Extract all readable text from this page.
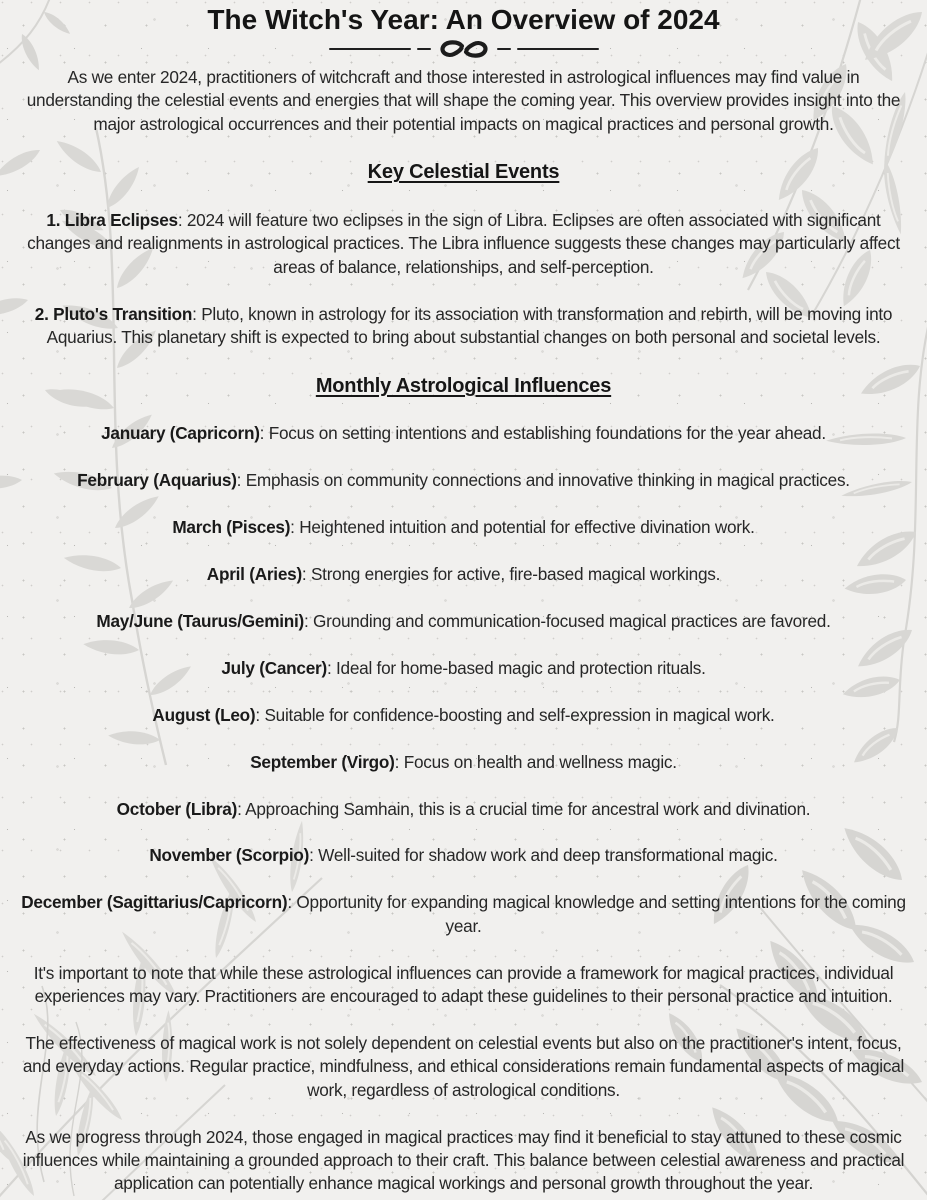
The Witch's Year: An Overview of 2024

As we enter 2024, practitioners of witchcraft and those interested in astrological influences may find value in understanding the celestial events and energies that will shape the coming year. This overview provides insight into the major astrological occurrences and their potential impacts on magical practices and personal growth.

Key Celestial Events

1. Libra Eclipses: 2024 will feature two eclipses in the sign of Libra. Eclipses are often associated with significant changes and realignments in astrological practices. The Libra influence suggests these changes may particularly affect areas of balance, relationships, and self-perception.

2. Pluto's Transition: Pluto, known in astrology for its association with transformation and rebirth, will be moving into Aquarius. This planetary shift is expected to bring about substantial changes on both personal and societal levels.

Monthly Astrological Influences

January (Capricorn): Focus on setting intentions and establishing foundations for the year ahead.

February (Aquarius): Emphasis on community connections and innovative thinking in magical practices.

March (Pisces): Heightened intuition and potential for effective divination work.

April (Aries): Strong energies for active, fire-based magical workings.

May/June (Taurus/Gemini): Grounding and communication-focused magical practices are favored.

July (Cancer): Ideal for home-based magic and protection rituals.

August (Leo): Suitable for confidence-boosting and self-expression in magical work.

September (Virgo): Focus on health and wellness magic.

October (Libra): Approaching Samhain, this is a crucial time for ancestral work and divination.

November (Scorpio): Well-suited for shadow work and deep transformational magic.

December (Sagittarius/Capricorn): Opportunity for expanding magical knowledge and setting intentions for the coming year.

It's important to note that while these astrological influences can provide a framework for magical practices, individual experiences may vary. Practitioners are encouraged to adapt these guidelines to their personal practice and intuition.

The effectiveness of magical work is not solely dependent on celestial events but also on the practitioner's intent, focus, and everyday actions. Regular practice, mindfulness, and ethical considerations remain fundamental aspects of magical work, regardless of astrological conditions.

As we progress through 2024, those engaged in magical practices may find it beneficial to stay attuned to these cosmic influences while maintaining a grounded approach to their craft. This balance between celestial awareness and practical application can potentially enhance magical workings and personal growth throughout the year.
